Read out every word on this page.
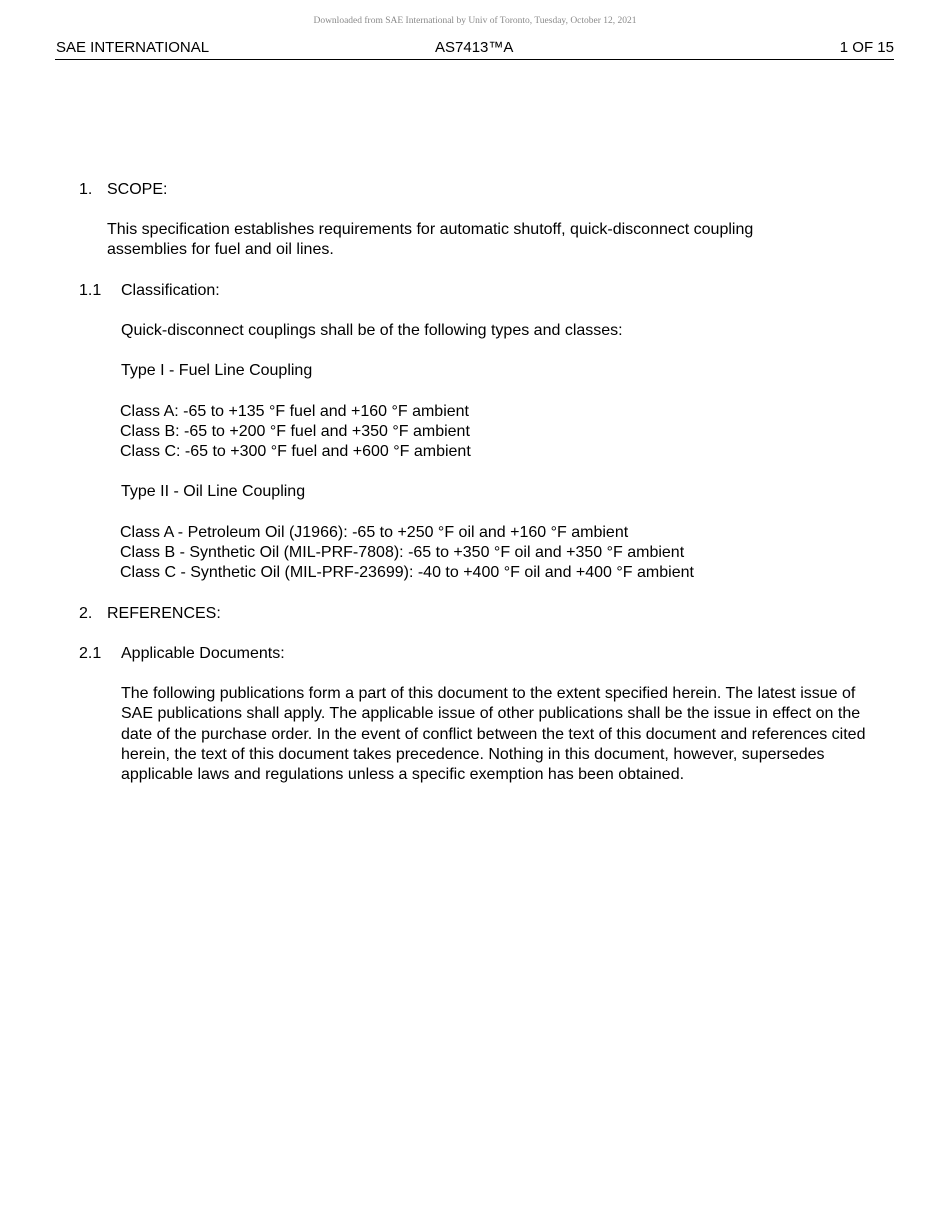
Downloaded from SAE International by Univ of Toronto, Tuesday, October 12, 2021
SAE INTERNATIONAL	AS7413™A	1 OF 15
1. SCOPE:
This specification establishes requirements for automatic shutoff, quick-disconnect coupling assemblies for fuel and oil lines.
1.1 Classification:
Quick-disconnect couplings shall be of the following types and classes:
Type I - Fuel Line Coupling
Class A: -65 to +135 °F fuel and +160 °F ambient
Class B: -65 to +200 °F fuel and +350 °F ambient
Class C: -65 to +300 °F fuel and +600 °F ambient
Type II - Oil Line Coupling
Class A - Petroleum Oil (J1966): -65 to +250 °F oil and +160 °F ambient
Class B - Synthetic Oil (MIL-PRF-7808): -65 to +350 °F oil and +350 °F ambient
Class C - Synthetic Oil (MIL-PRF-23699): -40 to +400 °F oil and +400 °F ambient
2. REFERENCES:
2.1 Applicable Documents:
The following publications form a part of this document to the extent specified herein. The latest issue of SAE publications shall apply. The applicable issue of other publications shall be the issue in effect on the date of the purchase order. In the event of conflict between the text of this document and references cited herein, the text of this document takes precedence. Nothing in this document, however, supersedes applicable laws and regulations unless a specific exemption has been obtained.
